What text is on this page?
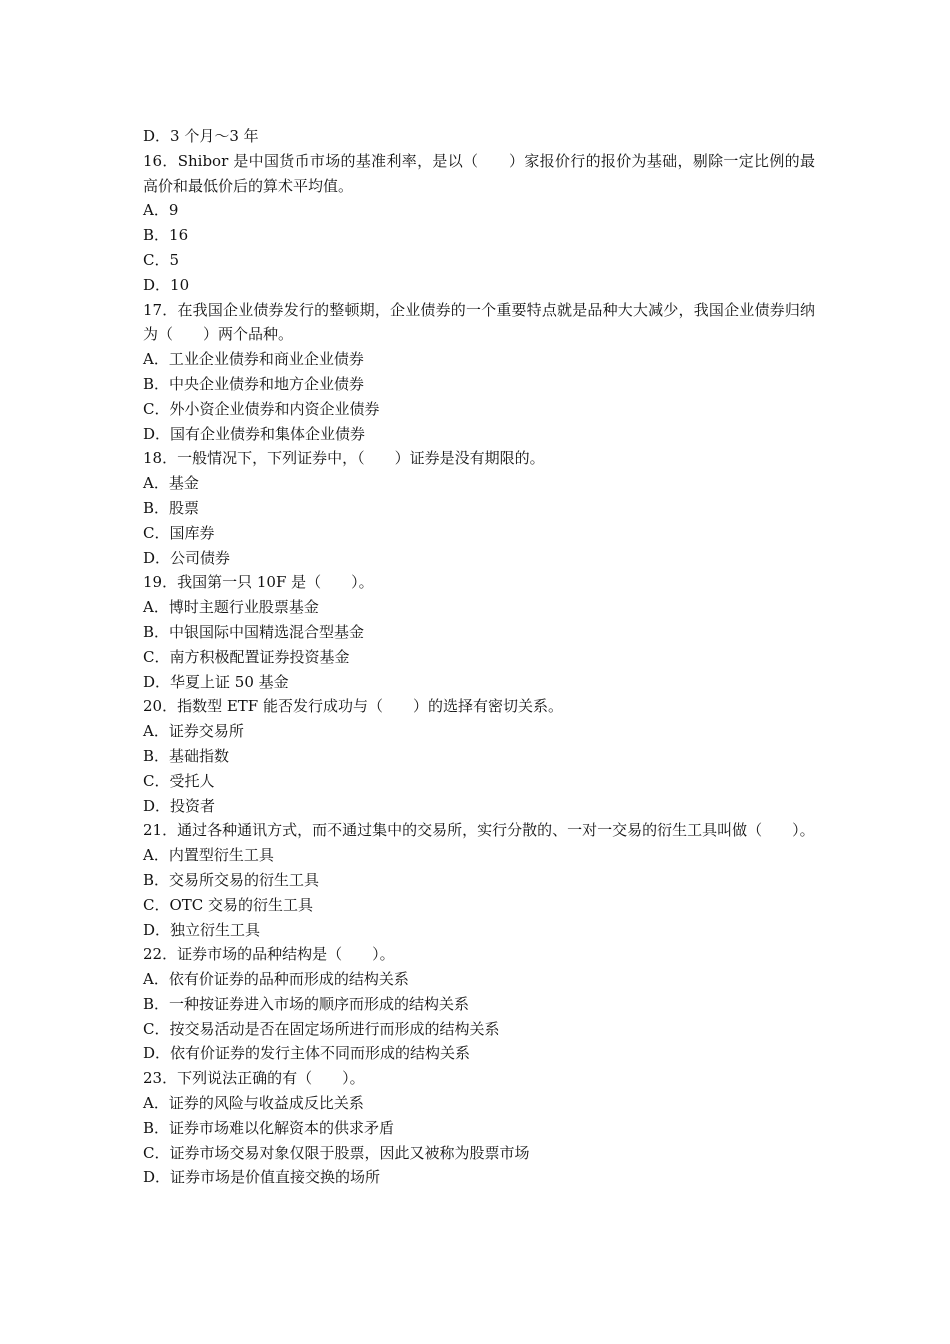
D．3 个月～3 年
16．Shibor 是中国货币市场的基准利率，是以（　　）家报价行的报价为基础，剔除一定比例的最高价和最低价后的算术平均值。
A．9
B．16
C．5
D．10
17．在我国企业债券发行的整顿期，企业债券的一个重要特点就是品种大大减少，我国企业债券归纳为（　　）两个品种。
A．工业企业债券和商业企业债券
B．中央企业债券和地方企业债券
C．外小资企业债券和内资企业债券
D．国有企业债券和集体企业债券
18．一般情况下，下列证券中，（　　）证券是没有期限的。
A．基金
B．股票
C．国库券
D．公司债券
19．我国第一只 10F 是（　　）。
A．博时主题行业股票基金
B．中银国际中国精选混合型基金
C．南方积极配置证券投资基金
D．华夏上证 50 基金
20．指数型 ETF 能否发行成功与（　　）的选择有密切关系。
A．证券交易所
B．基础指数
C．受托人
D．投资者
21．通过各种通讯方式，而不通过集中的交易所，实行分散的、一对一交易的衍生工具叫做（　　）。
A．内置型衍生工具
B．交易所交易的衍生工具
C．OTC 交易的衍生工具
D．独立衍生工具
22．证券市场的品种结构是（　　）。
A．依有价证券的品种而形成的结构关系
B．一种按证券进入市场的顺序而形成的结构关系
C．按交易活动是否在固定场所进行而形成的结构关系
D．依有价证券的发行主体不同而形成的结构关系
23．下列说法正确的有（　　）。
A．证券的风险与收益成反比关系
B．证券市场难以化解资本的供求矛盾
C．证券市场交易对象仅限于股票，因此又被称为股票市场
D．证券市场是价值直接交换的场所
